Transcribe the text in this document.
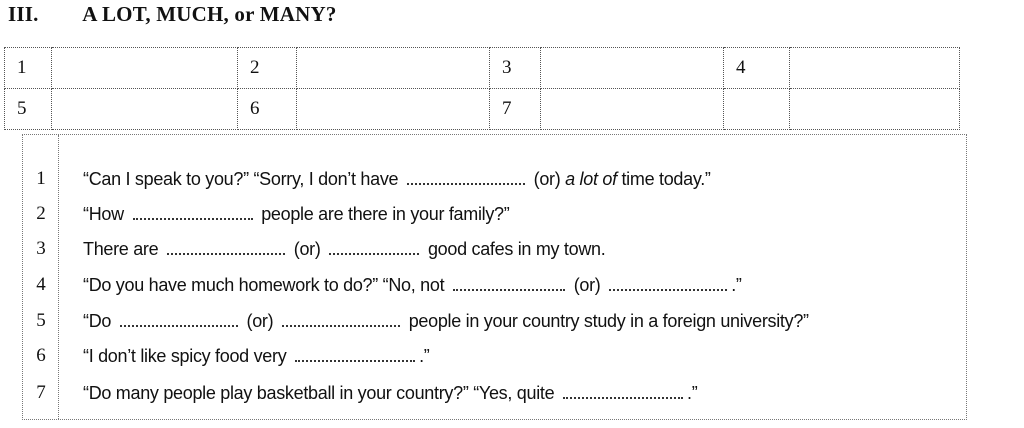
III. A LOT, MUCH, or MANY?
1		2		3		4	
5		6		7			
1	“Can I speak to you?” “Sorry, I don’t have	(or) a lot of time today.”
2	“How	people are there in your family?”
3	There are	(or)	good cafes in my town.
4	“Do you have much homework to do?” “No, not	(or)	.”
5	“Do	(or)	people in your country study in a foreign university?”
6	“I don’t like spicy food very	.”
7	“Do many people play basketball in your country?” “Yes, quite	.”
